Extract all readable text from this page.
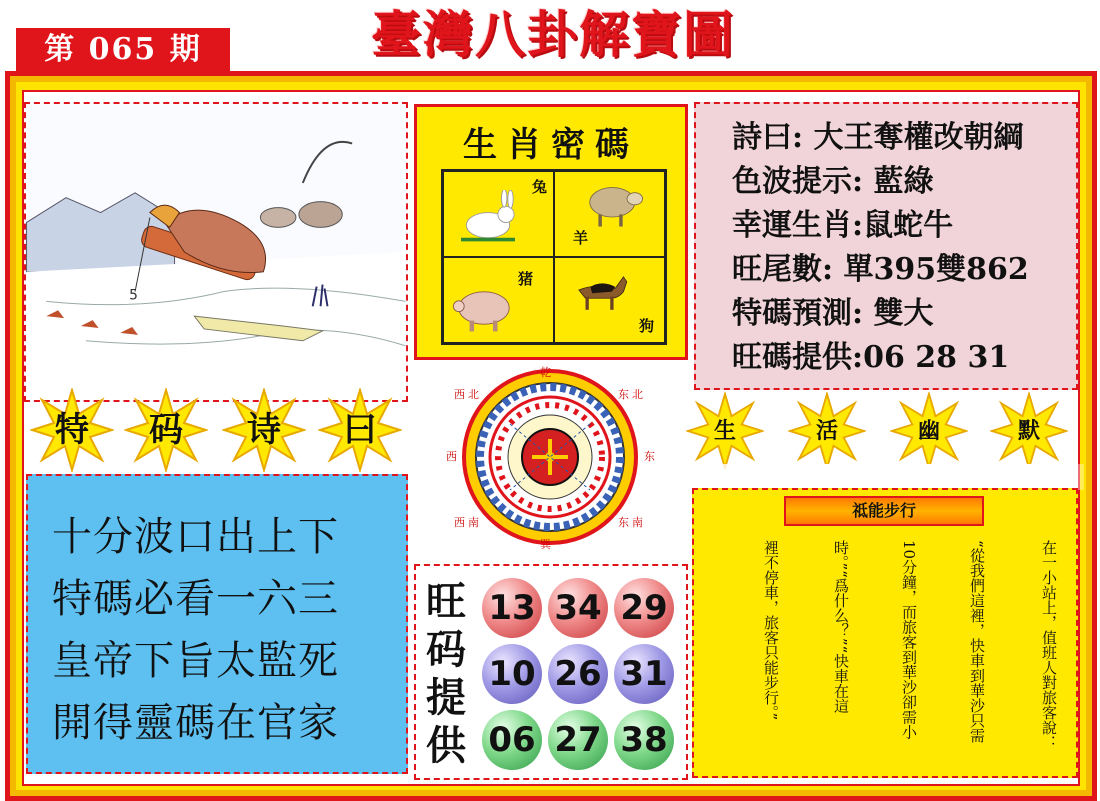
第 065 期	臺灣八卦解寶圖
5
特	码	诗	曰
十分波口出上下
特碼必看一六三
皇帝下旨太監死
開得靈碼在官家
生肖密碼
兔
羊
猪
狗
西 北
乾
东 北
西	东
西 南
巽
东 南
詩曰: 大王奪權改朝綱
色波提示: 藍綠
幸運生肖:鼠蛇牛
旺尾數: 單395雙862
特碼預測: 雙大
旺碼提供:06 28 31
生	活	幽	默
祗能步行
在一小站上，值班人對旅客說：
“從我們這裡，快車到華沙只需
10分鐘，而旅客到華沙卻需小
時。”“爲什么？”“快車在這
裡不停車，旅客只能步行。”
旺码提供
13 34 29
10 26 31
06 27 38
